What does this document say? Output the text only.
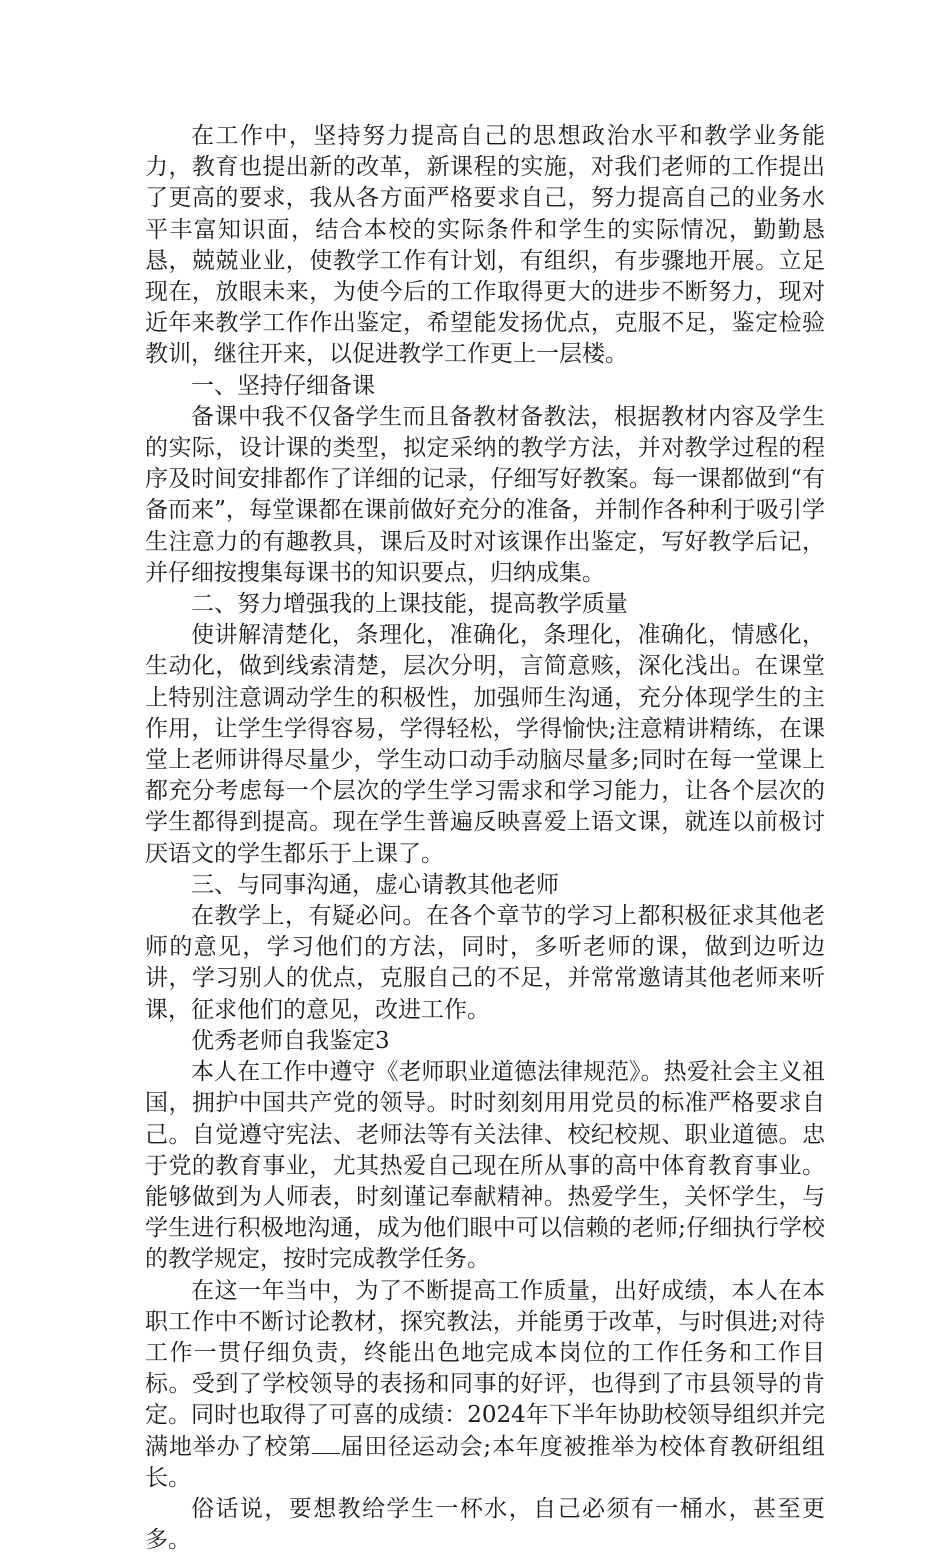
在工作中，坚持努力提高自己的思想政治水平和教学业务能力，教育也提出新的改革，新课程的实施，对我们老师的工作提出了更高的要求，我从各方面严格要求自己，努力提高自己的业务水平丰富知识面，结合本校的实际条件和学生的实际情况，勤勤恳恳，兢兢业业，使教学工作有计划，有组织，有步骤地开展。立足现在，放眼未来，为使今后的工作取得更大的进步不断努力，现对近年来教学工作作出鉴定，希望能发扬优点，克服不足，鉴定检验教训，继往开来，以促进教学工作更上一层楼。

一、坚持仔细备课

备课中我不仅备学生而且备教材备教法，根据教材内容及学生的实际，设计课的类型，拟定采纳的教学方法，并对教学过程的程序及时间安排都作了详细的记录，仔细写好教案。每一课都做到“有备而来”，每堂课都在课前做好充分的准备，并制作各种利于吸引学生注意力的有趣教具，课后及时对该课作出鉴定，写好教学后记，并仔细按搜集每课书的知识要点，归纳成集。

二、努力增强我的上课技能，提高教学质量

使讲解清楚化，条理化，准确化，条理化，准确化，情感化，生动化，做到线索清楚，层次分明，言简意赅，深化浅出。在课堂上特别注意调动学生的积极性，加强师生沟通，充分体现学生的主作用，让学生学得容易，学得轻松，学得愉快;注意精讲精练，在课堂上老师讲得尽量少，学生动口动手动脑尽量多;同时在每一堂课上都充分考虑每一个层次的学生学习需求和学习能力，让各个层次的学生都得到提高。现在学生普遍反映喜爱上语文课，就连以前极讨厌语文的学生都乐于上课了。

三、与同事沟通，虚心请教其他老师

在教学上，有疑必问。在各个章节的学习上都积极征求其他老师的意见，学习他们的方法，同时，多听老师的课，做到边听边讲，学习别人的优点，克服自己的不足，并常常邀请其他老师来听课，征求他们的意见，改进工作。

优秀老师自我鉴定3

本人在工作中遵守《老师职业道德法律规范》。热爱社会主义祖国，拥护中国共产党的领导。时时刻刻用用党员的标准严格要求自己。自觉遵守宪法、老师法等有关法律、校纪校规、职业道德。忠于党的教育事业，尤其热爱自己现在所从事的高中体育教育事业。能够做到为人师表，时刻谨记奉献精神。热爱学生，关怀学生，与学生进行积极地沟通，成为他们眼中可以信赖的老师;仔细执行学校的教学规定，按时完成教学任务。

在这一年当中，为了不断提高工作质量，出好成绩，本人在本职工作中不断讨论教材，探究教法，并能勇于改革，与时俱进;对待工作一贯仔细负责，终能出色地完成本岗位的工作任务和工作目标。受到了学校领导的表扬和同事的好评，也得到了市县领导的肯定。同时也取得了可喜的成绩：2024年下半年协助校领导组织并完满地举办了校第 届田径运动会;本年度被推举为校体育教研组组长。

俗话说，要想教给学生一杯水，自己必须有一桶水，甚至更多。
